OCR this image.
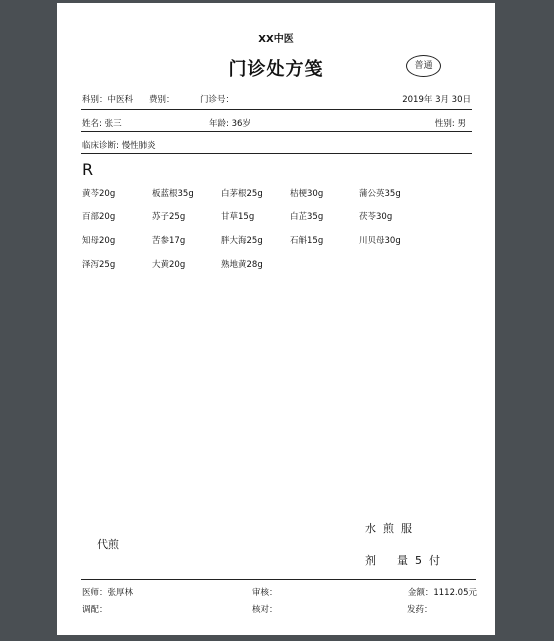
XX中医
门诊处方笺	普通
科别：中医科 费别：	门诊号：	2019年 3月 30日
姓名: 张三	年龄: 36岁	性别: 男
临床诊断: 慢性肺炎
R
黄芩20g	板蓝根35g	白茅根25g	桔梗30g	蒲公英35g
百部20g	苏子25g	甘草15g	白芷35g	茯苓30g
知母20g	苦参17g	胖大海25g	石斛15g	川贝母30g
泽泻25g	大黄20g	熟地黄28g
代煎
水  煎  服
剂      量  5  付
医师：张厚林	审核：	金额：1112.05元
调配：	核对：	发药：
